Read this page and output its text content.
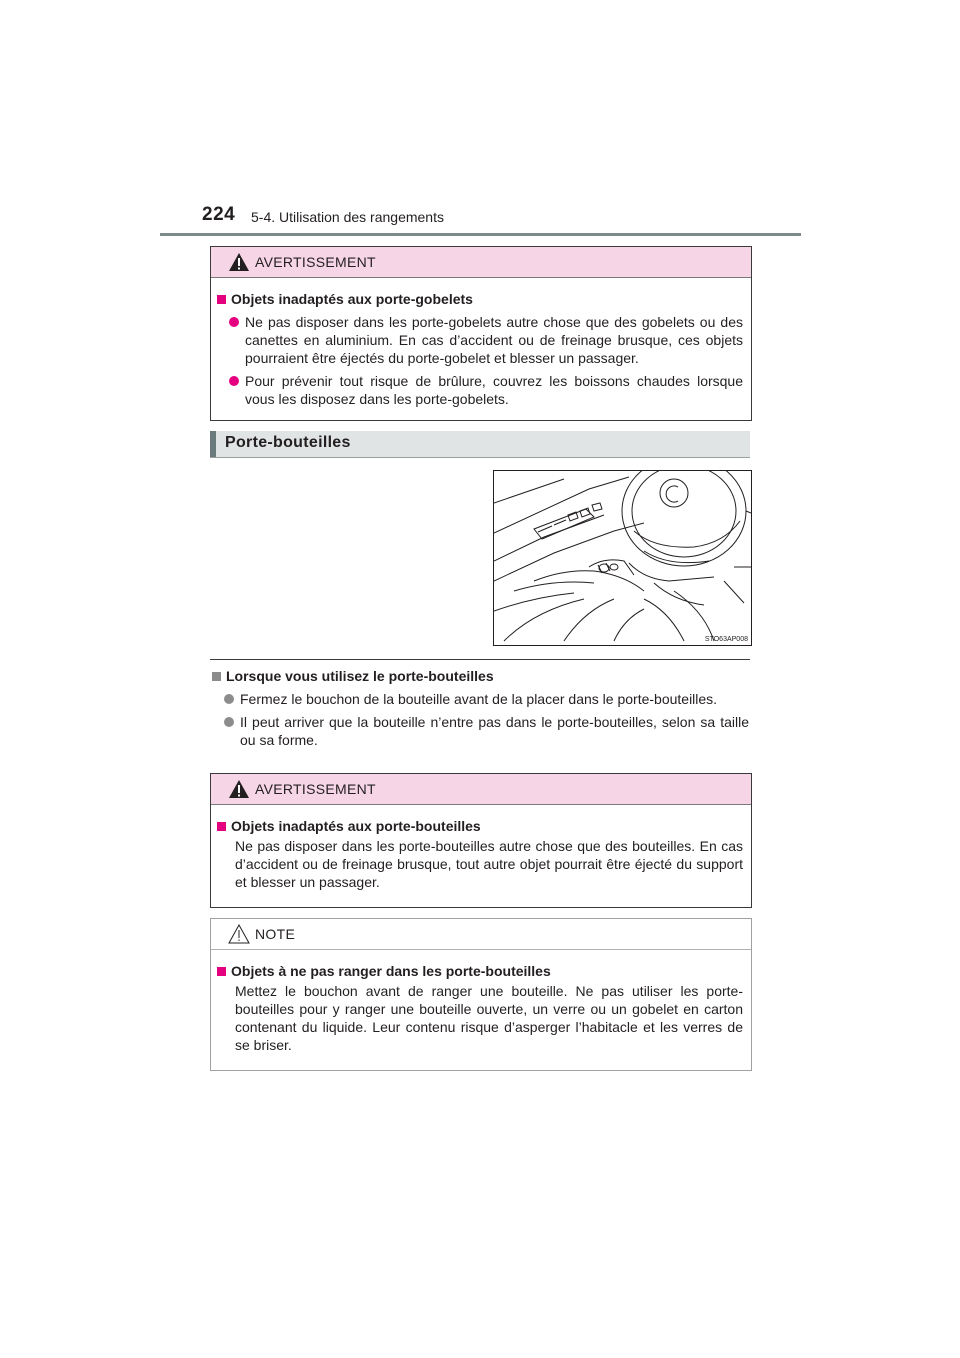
224 5-4. Utilisation des rangements
AVERTISSEMENT
Objets inadaptés aux porte-gobelets
Ne pas disposer dans les porte-gobelets autre chose que des gobelets ou des canettes en aluminium. En cas d’accident ou de freinage brusque, ces objets pourraient être éjectés du porte-gobelet et blesser un passager.
Pour prévenir tout risque de brûlure, couvrez les boissons chaudes lorsque vous les disposez dans les porte-gobelets.
Porte-bouteilles
STO63AP008
Lorsque vous utilisez le porte-bouteilles
Fermez le bouchon de la bouteille avant de la placer dans le porte-bouteilles.
Il peut arriver que la bouteille n’entre pas dans le porte-bouteilles, selon sa taille ou sa forme.
AVERTISSEMENT
Objets inadaptés aux porte-bouteilles
Ne pas disposer dans les porte-bouteilles autre chose que des bouteilles. En cas d’accident ou de freinage brusque, tout autre objet pourrait être éjecté du support et blesser un passager.
NOTE
Objets à ne pas ranger dans les porte-bouteilles
Mettez le bouchon avant de ranger une bouteille. Ne pas utiliser les porte-bouteilles pour y ranger une bouteille ouverte, un verre ou un gobelet en carton contenant du liquide. Leur contenu risque d’asperger l’habitacle et les verres de se briser.
